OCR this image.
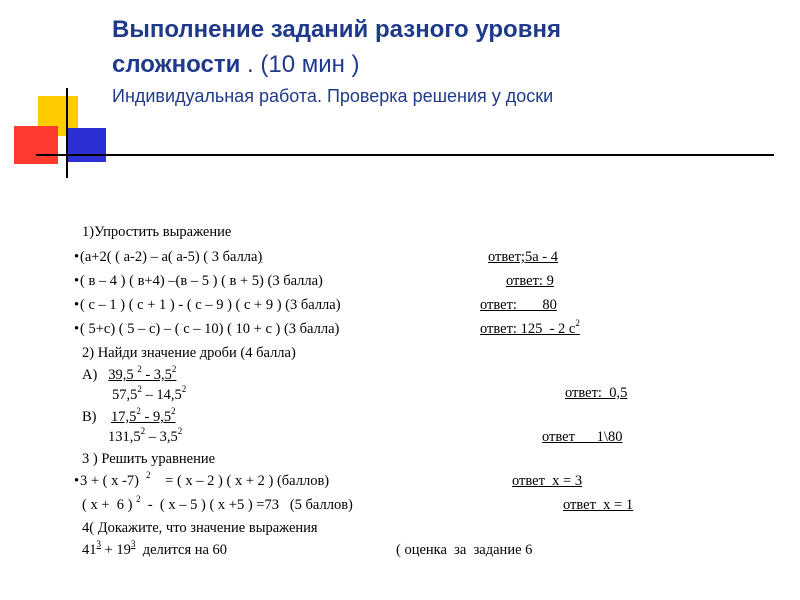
Выполнение заданий разного уровня
сложности . (10 мин )
Индивидуальная работа. Проверка решения у доски
1)Упростить выражение
•(а+2( ( а-2) – а( а-5) ( 3 балла)	ответ;5а - 4
•( в – 4 ) ( в+4) –(в – 5 ) ( в + 5) (3 балла)	ответ: 9
•( с – 1 ) ( с + 1 ) - ( с – 9 ) ( с + 9 ) (3 балла)	ответ:       80
•( 5+с) ( 5 – с) – ( с – 10) ( 10 + с ) (3 балла)	ответ: 125  - 2 $с^2$
2) Найди значение дроби (4 балла)
А) 39,5 $^2 - 3,5^2$
57,5$^2$ – 14,5$^2$	ответ:  0,5
В) $17,5^2 - 9,5^2$
$131,5^2 - 3,5^2$	ответ      1\80
3 ) Решить уравнение
•3 + ( х -7) $^2$ = ( х – 2 ) ( х + 2 ) (баллов)	ответ  х = 3
( х +  6 ) $^2$ -  ( х – 5 ) ( х +5 ) =73   (5 баллов)	ответ  х = 1
4( Докажите, что значение выражения
$41^3 + 19^3$  делится на 60	( оценка  за  задание 6
